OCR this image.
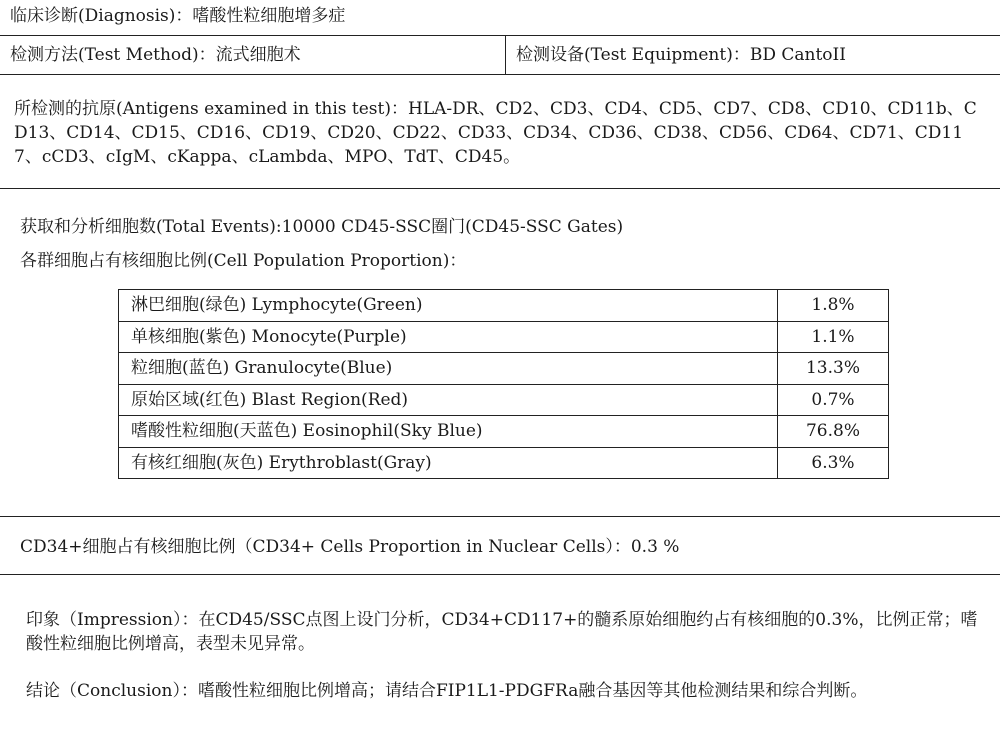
临床诊断(Diagnosis)：嗜酸性粒细胞增多症
检测方法(Test Method)：流式细胞术	检测设备(Test Equipment)：BD CantoII
所检测的抗原(Antigens examined in this test)：HLA-DR、CD2、CD3、CD4、CD5、CD7、CD8、CD10、CD11b、CD13、CD14、CD15、CD16、CD19、CD20、CD22、CD33、CD34、CD36、CD38、CD56、CD64、CD71、CD117、cCD3、cIgM、cKappa、cLambda、MPO、TdT、CD45。
获取和分析细胞数(Total Events):10000 CD45-SSC圈门(CD45-SSC Gates)
各群细胞占有核细胞比例(Cell Population Proportion)：
淋巴细胞(绿色) Lymphocyte(Green)	1.8%
单核细胞(紫色) Monocyte(Purple)	1.1%
粒细胞(蓝色) Granulocyte(Blue)	13.3%
原始区域(红色) Blast Region(Red)	0.7%
嗜酸性粒细胞(天蓝色) Eosinophil(Sky Blue)	76.8%
有核红细胞(灰色) Erythroblast(Gray)	6.3%
CD34+细胞占有核细胞比例（CD34+ Cells Proportion in Nuclear Cells）：0.3 %
印象（Impression）：在CD45/SSC点图上设门分析，CD34+CD117+的髓系原始细胞约占有核细胞的0.3%，比例正常；嗜酸性粒细胞比例增高，表型未见异常。
结论（Conclusion）：嗜酸性粒细胞比例增高；请结合FIP1L1-PDGFRa融合基因等其他检测结果和综合判断。
